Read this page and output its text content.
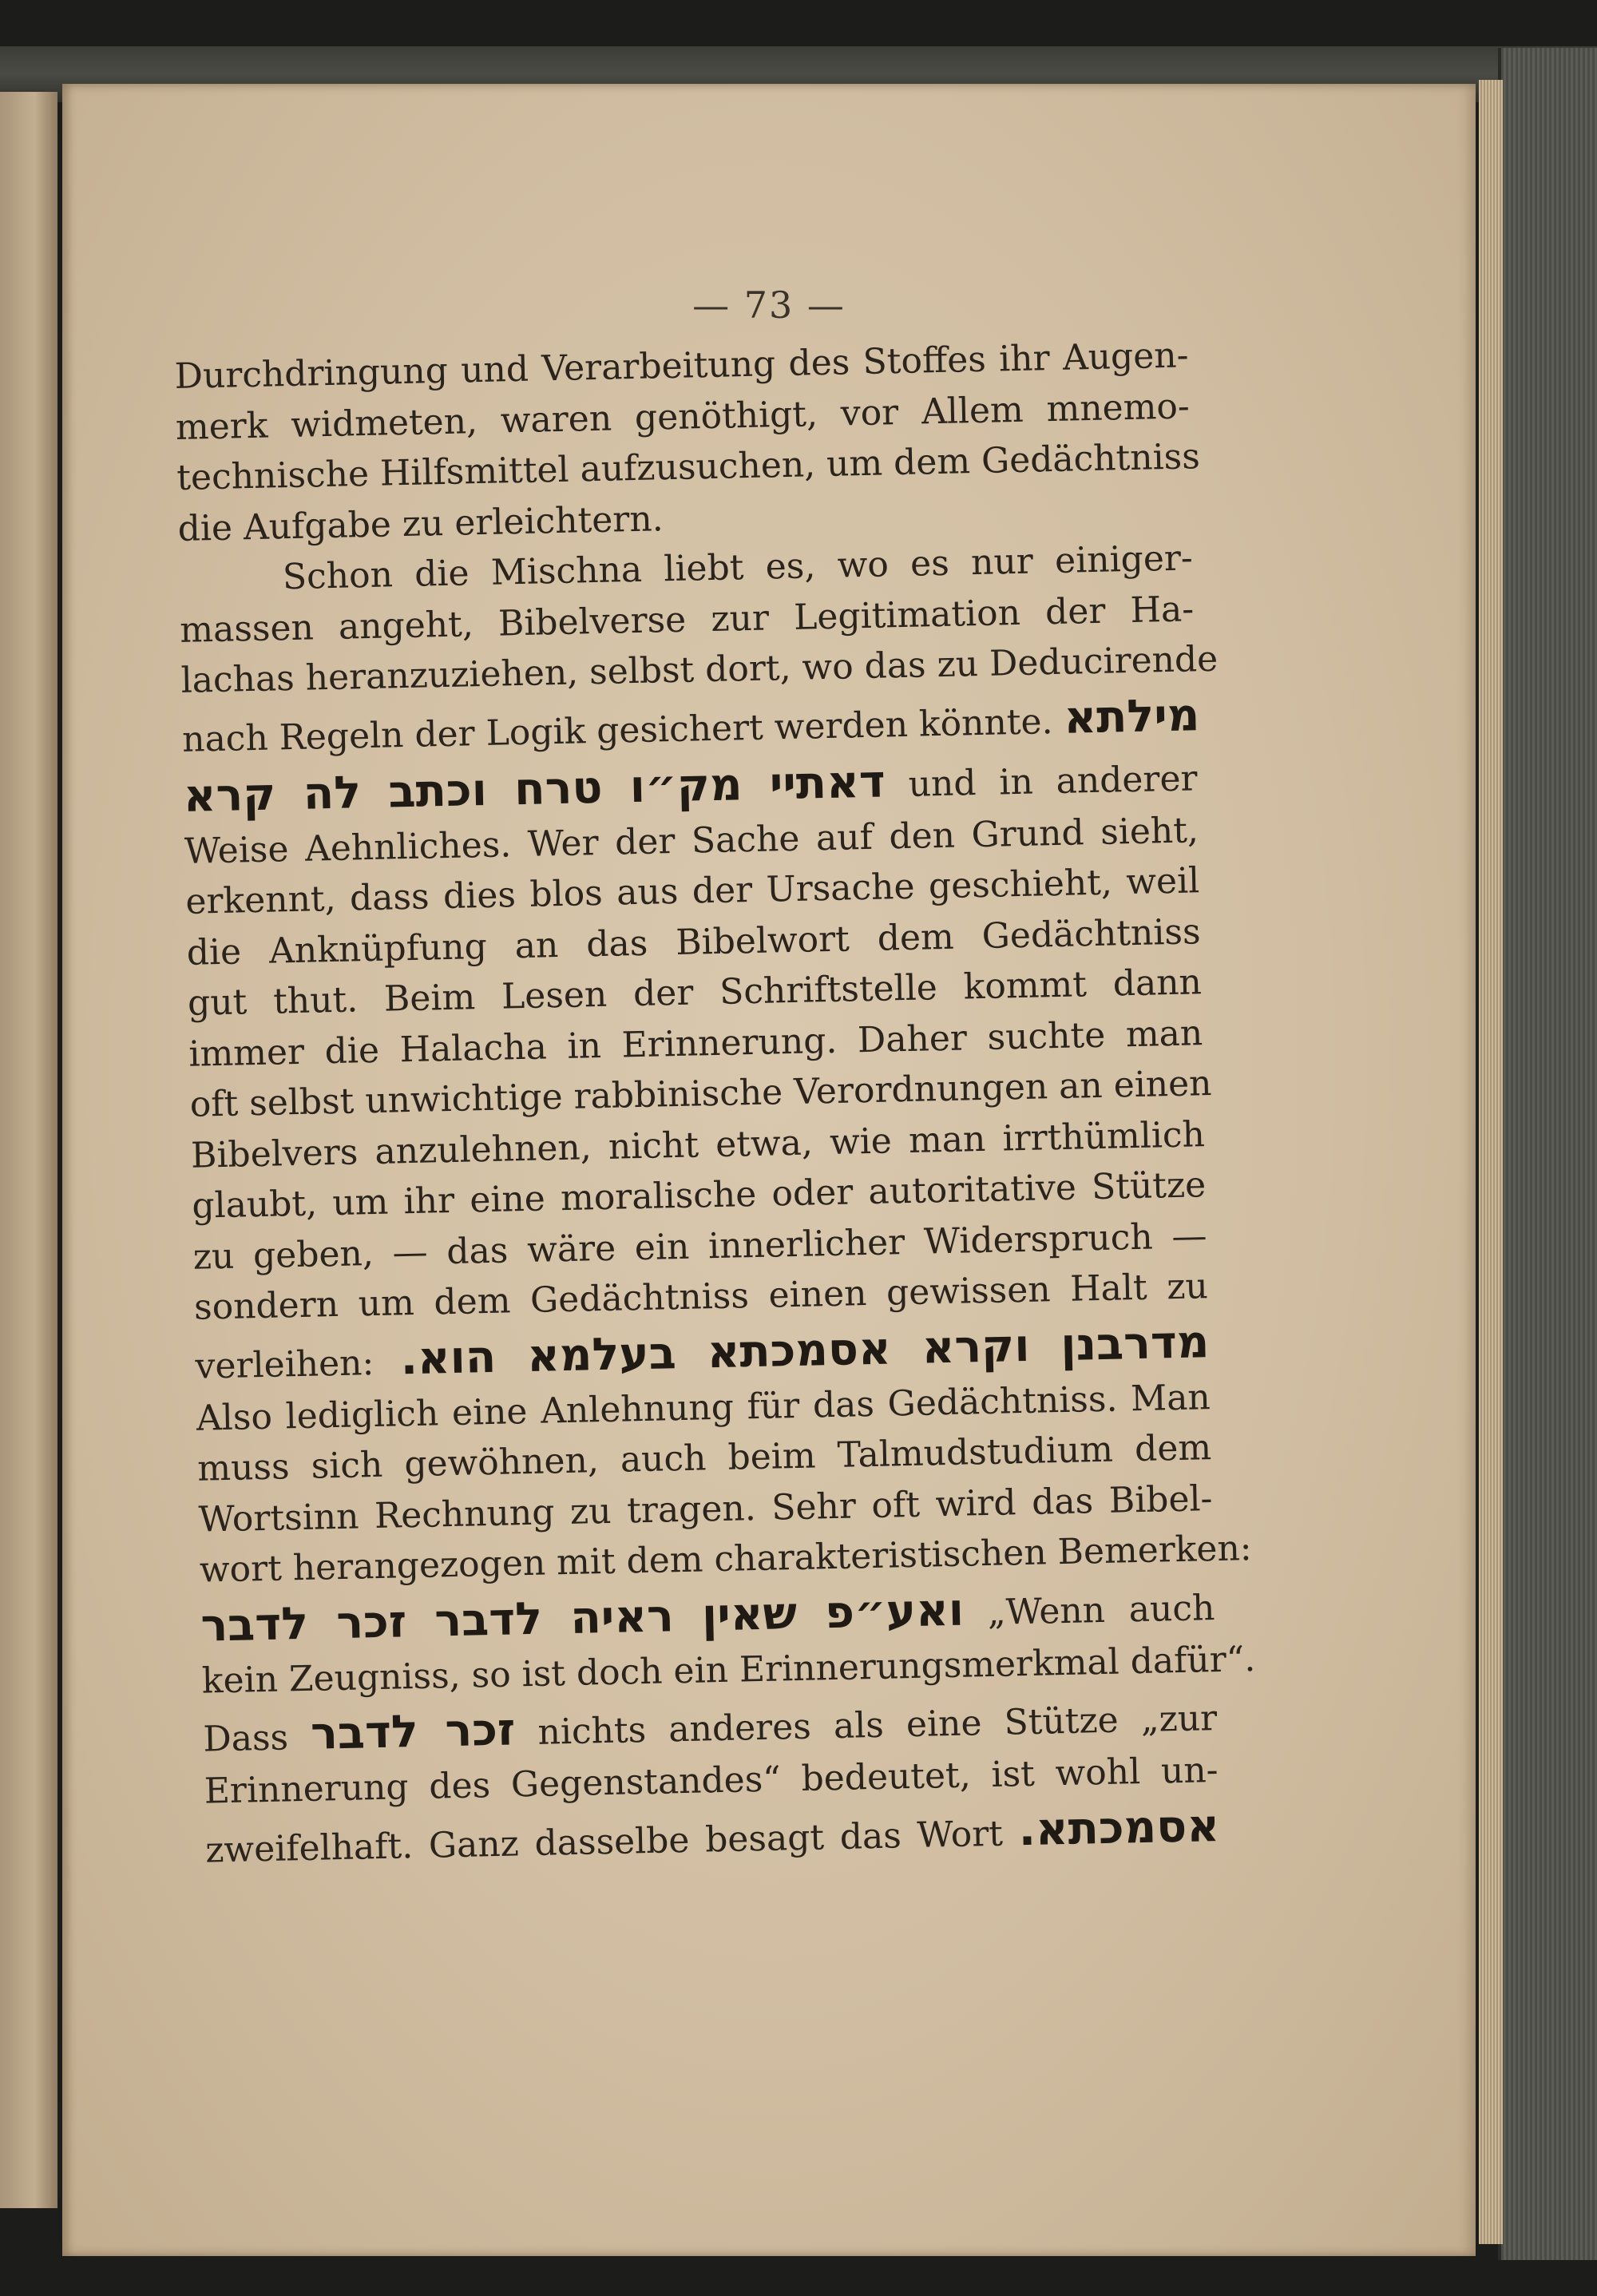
— 73 —
Durchdringung und Verarbeitung des Stoffes ihr Augen-
merk widmeten, waren genöthigt, vor Allem mnemo-
technische Hilfsmittel aufzusuchen, um dem Gedächtniss
die Aufgabe zu erleichtern.
Schon die Mischna liebt es, wo es nur einiger-
massen angeht, Bibelverse zur Legitimation der Ha-
lachas heranzuziehen, selbst dort, wo das zu Deducirende
nach Regeln der Logik gesichert werden könnte. מילתא
דאתיי מק״ו טרח וכתב לה קרא und in anderer
Weise Aehnliches. Wer der Sache auf den Grund sieht,
erkennt, dass dies blos aus der Ursache geschieht, weil
die Anknüpfung an das Bibelwort dem Gedächtniss
gut thut. Beim Lesen der Schriftstelle kommt dann
immer die Halacha in Erinnerung. Daher suchte man
oft selbst unwichtige rabbinische Verordnungen an einen
Bibelvers anzulehnen, nicht etwa, wie man irrthümlich
glaubt, um ihr eine moralische oder autoritative Stütze
zu geben, — das wäre ein innerlicher Widerspruch —
sondern um dem Gedächtniss einen gewissen Halt zu
verleihen: מדרבנן וקרא אסמכתא בעלמא הוא.
Also lediglich eine Anlehnung für das Gedächtniss. Man
muss sich gewöhnen, auch beim Talmudstudium dem
Wortsinn Rechnung zu tragen. Sehr oft wird das Bibel-
wort herangezogen mit dem charakteristischen Bemerken:
ואע״פ שאין ראיה לדבר זכר לדבר „Wenn auch
kein Zeugniss, so ist doch ein Erinnerungsmerkmal dafür“.
Dass זכר לדבר nichts anderes als eine Stütze „zur
Erinnerung des Gegenstandes“ bedeutet, ist wohl un-
zweifelhaft. Ganz dasselbe besagt das Wort אסמכתא.
